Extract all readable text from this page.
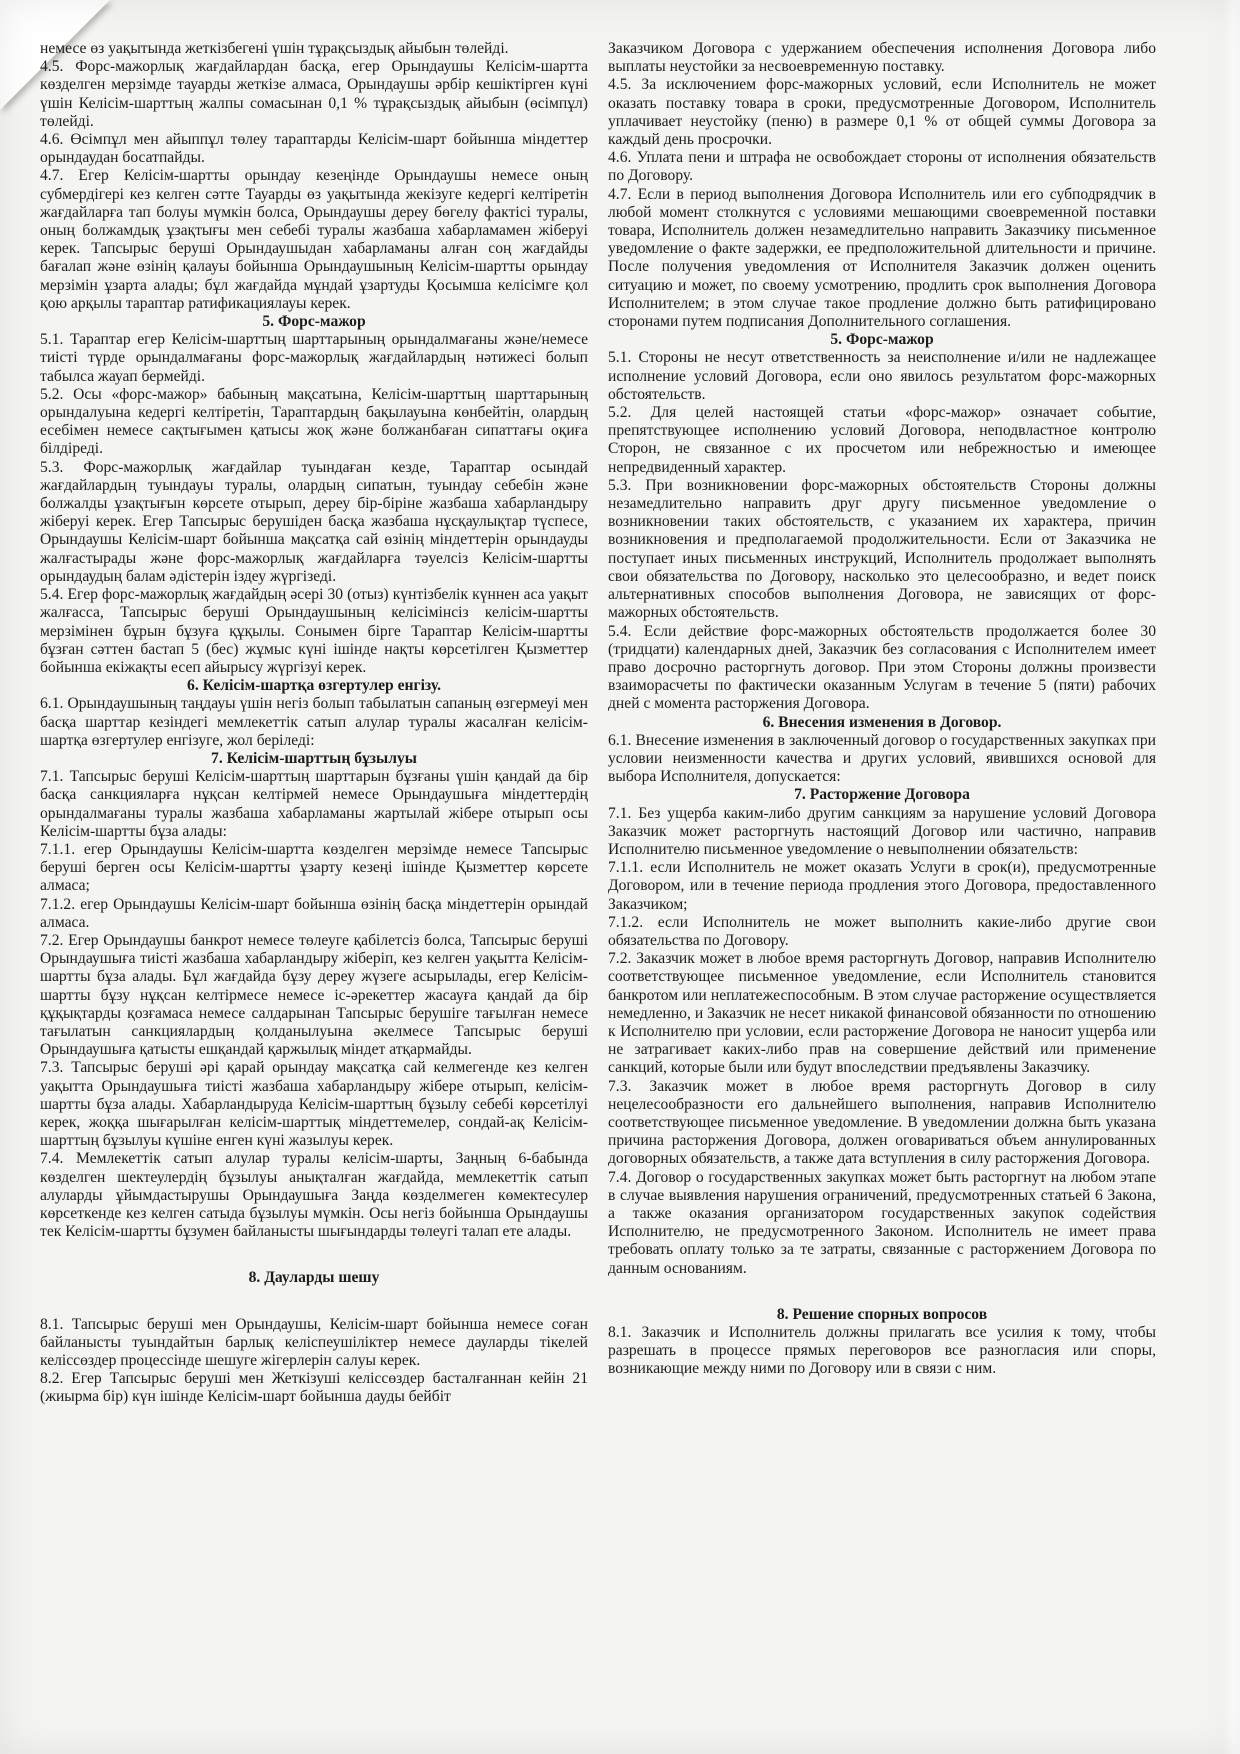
немесе өз уақытында жеткізбегені үшін тұрақсыздық айыбын төлейді.

4.5. Форс-мажорлық жағдайлардан басқа, егер Орындаушы Келісім-шартта көзделген мерзімде тауарды жеткізе алмаса, Орындаушы әрбір кешіктірген күні үшін Келісім-шарттың жалпы сомасынан 0,1 % тұрақсыздық айыбын (өсімпұл) төлейді.

4.6. Өсімпұл мен айыппұл төлеу тараптарды Келісім-шарт бойынша міндеттер орындаудан босатпайды.

4.7. Егер Келісім-шартты орындау кезеңінде Орындаушы немесе оның субмердігері кез келген сәтте Тауарды өз уақытында жекізуге кедергі келтіретін жағдайларға тап болуы мүмкін болса, Орындаушы дереу бөгелу фактісі туралы, оның болжамдық ұзақтығы мен себебі туралы жазбаша хабарламамен жіберуі керек. Тапсырыс беруші Орындаушыдан хабарламаны алған соң жағдайды бағалап және өзінің қалауы бойынша Орындаушының Келісім-шартты орындау мерзімін ұзарта алады; бұл жағдайда мұндай ұзартуды Қосымша келісімге қол қою арқылы тараптар ратификациялауы керек.

5. Форс-мажор

5.1. Тараптар егер Келісім-шарттың шарттарының орындалмағаны және/немесе тиісті түрде орындалмағаны форс-мажорлық жағдайлардың нәтижесі болып табылса жауап бермейді.

5.2. Осы «форс-мажор» бабының мақсатына, Келісім-шарттың шарттарының орындалуына кедергі келтіретін, Тараптардың бақылауына көнбейтін, олардың есебімен немесе сақтығымен қатысы жоқ және болжанбаған сипаттағы оқиға білдіреді.

5.3. Форс-мажорлық жағдайлар туындаған кезде, Тараптар осындай жағдайлардың туындауы туралы, олардың сипатын, туындау себебін және болжалды ұзақтығын көрсете отырып, дереу бір-біріне жазбаша хабарландыру жіберуі керек. Егер Тапсырыс берушіден басқа жазбаша нұсқаулықтар түспесе, Орындаушы Келісім-шарт бойынша мақсатқа сай өзінің міндеттерін орындауды жалғастырады және форс-мажорлық жағдайларға тәуелсіз Келісім-шартты орындаудың балам әдістерін іздеу жүргізеді.

5.4. Егер форс-мажорлық жағдайдың әсері 30 (отыз) күнтізбелік күннен аса уақыт жалғасса, Тапсырыс беруші Орындаушының келісімінсіз келісім-шартты мерзімінен бұрын бұзуға құқылы. Сонымен бірге Тараптар Келісім-шартты бұзған сәттен бастап 5 (бес) жұмыс күні ішінде нақты көрсетілген Қызметтер бойынша екіжақты есеп айырысу жүргізуі керек.

6. Келісім-шартқа өзгертулер енгізу.

6.1. Орындаушының таңдауы үшін негіз болып табылатын сапаның өзгермеуі мен басқа шарттар кезіндегі мемлекеттік сатып алулар туралы жасалған келісім-шартқа өзгертулер енгізуге, жол беріледі:

7. Келісім-шарттың бұзылуы

7.1. Тапсырыс беруші Келісім-шарттың шарттарын бұзғаны үшін қандай да бір басқа санкцияларға нұқсан келтірмей немесе Орындаушыға міндеттердің орындалмағаны туралы жазбаша хабарламаны жартылай жібере отырып осы Келісім-шартты бұза алады:

7.1.1. егер Орындаушы Келісім-шартта көзделген мерзімде немесе Тапсырыс беруші берген осы Келісім-шартты ұзарту кезеңі ішінде Қызметтер көрсете алмаса;

7.1.2. егер Орындаушы Келісім-шарт бойынша өзінің басқа міндеттерін орындай алмаса.

7.2. Егер Орындаушы банкрот немесе төлеуге қабілетсіз болса, Тапсырыс беруші Орындаушыға тиісті жазбаша хабарландыру жіберіп, кез келген уақытта Келісім-шартты бұза алады. Бұл жағдайда бұзу дереу жүзеге асырылады, егер Келісім-шартты бұзу нұқсан келтірмесе немесе іс-әрекеттер жасауға қандай да бір құқықтарды қозғамаса немесе салдарынан Тапсырыс берушіге тағылған немесе тағылатын санкциялардың қолданылуына әкелмесе Тапсырыс беруші Орындаушыға қатысты ешқандай қаржылық міндет атқармайды.

7.3. Тапсырыс беруші әрі қарай орындау мақсатқа сай келмегенде кез келген уақытта Орындаушыға тиісті жазбаша хабарландыру жібере отырып, келісім-шартты бұза алады. Хабарландыруда Келісім-шарттың бұзылу себебі көрсетілуі керек, жоққа шығарылған келісім-шарттық міндеттемелер, сондай-ақ Келісім-шарттың бұзылуы күшіне енген күні жазылуы керек.

7.4. Мемлекеттік сатып алулар туралы келісім-шарты, Заңның 6-бабында көзделген шектеулердің бұзылуы анықталған жағдайда, мемлекеттік сатып алуларды ұйымдастырушы Орындаушыға Заңда көзделмеген көмектесулер көрсеткенде кез келген сатыда бұзылуы мүмкін. Осы негіз бойынша Орындаушы тек Келісім-шартты бұзумен байланысты шығындарды төлеугі талап ете алады.

8. Дауларды шешу

8.1. Тапсырыс беруші мен Орындаушы, Келісім-шарт бойынша немесе соған байланысты туындайтын барлық келіспеушіліктер немесе дауларды тікелей келіссөздер процессінде шешуге жігерлерін салуы керек.

8.2. Егер Тапсырыс беруші мен Жеткізуші келіссөздер басталғаннан кейін 21 (жиырма бір) күн ішінде Келісім-шарт бойынша дауды бейбіт

Заказчиком Договора с удержанием обеспечения исполнения Договора либо выплаты неустойки за несвоевременную поставку.

4.5. За исключением форс-мажорных условий, если Исполнитель не может оказать поставку товара в сроки, предусмотренные Договором, Исполнитель уплачивает неустойку (пеню) в размере 0,1 % от общей суммы Договора за каждый день просрочки.

4.6. Уплата пени и штрафа не освобождает стороны от исполнения обязательств по Договору.

4.7. Если в период выполнения Договора Исполнитель или его субподрядчик в любой момент столкнутся с условиями мешающими своевременной поставки товара, Исполнитель должен незамедлительно направить Заказчику письменное уведомление о факте задержки, ее предположительной длительности и причине. После получения уведомления от Исполнителя Заказчик должен оценить ситуацию и может, по своему усмотрению, продлить срок выполнения Договора Исполнителем; в этом случае такое продление должно быть ратифицировано сторонами путем подписания Дополнительного соглашения.

5. Форс-мажор

5.1. Стороны не несут ответственность за неисполнение и/или не надлежащее исполнение условий Договора, если оно явилось результатом форс-мажорных обстоятельств.

5.2. Для целей настоящей статьи «форс-мажор» означает событие, препятствующее исполнению условий Договора, неподвластное контролю Сторон, не связанное с их просчетом или небрежностью и имеющее непредвиденный характер.

5.3. При возникновении форс-мажорных обстоятельств Стороны должны незамедлительно направить друг другу письменное уведомление о возникновении таких обстоятельств, с указанием их характера, причин возникновения и предполагаемой продолжительности. Если от Заказчика не поступает иных письменных инструкций, Исполнитель продолжает выполнять свои обязательства по Договору, насколько это целесообразно, и ведет поиск альтернативных способов выполнения Договора, не зависящих от форс-мажорных обстоятельств.

5.4. Если действие форс-мажорных обстоятельств продолжается более 30 (тридцати) календарных дней, Заказчик без согласования с Исполнителем имеет право досрочно расторгнуть договор. При этом Стороны должны произвести взаиморасчеты по фактически оказанным Услугам в течение 5 (пяти) рабочих дней с момента расторжения Договора.

6. Внесения изменения в Договор.

6.1. Внесение изменения в заключенный договор о государственных закупках при условии неизменности качества и других условий, явившихся основой для выбора Исполнителя, допускается:

7. Расторжение Договора

7.1. Без ущерба каким-либо другим санкциям за нарушение условий Договора Заказчик может расторгнуть настоящий Договор или частично, направив Исполнителю письменное уведомление о невыполнении обязательств:

7.1.1. если Исполнитель не может оказать Услуги в срок(и), предусмотренные Договором, или в течение периода продления этого Договора, предоставленного Заказчиком;

7.1.2. если Исполнитель не может выполнить какие-либо другие свои обязательства по Договору.

7.2. Заказчик может в любое время расторгнуть Договор, направив Исполнителю соответствующее письменное уведомление, если Исполнитель становится банкротом или неплатежеспособным. В этом случае расторжение осуществляется немедленно, и Заказчик не несет никакой финансовой обязанности по отношению к Исполнителю при условии, если расторжение Договора не наносит ущерба или не затрагивает каких-либо прав на совершение действий или применение санкций, которые были или будут впоследствии предъявлены Заказчику.

7.3. Заказчик может в любое время расторгнуть Договор в силу нецелесообразности его дальнейшего выполнения, направив Исполнителю соответствующее письменное уведомление. В уведомлении должна быть указана причина расторжения Договора, должен оговариваться объем аннулированных договорных обязательств, а также дата вступления в силу расторжения Договора.

7.4. Договор о государственных закупках может быть расторгнут на любом этапе в случае выявления нарушения ограничений, предусмотренных статьей 6 Закона, а также оказания организатором государственных закупок содействия Исполнителю, не предусмотренного Законом. Исполнитель не имеет права требовать оплату только за те затраты, связанные с расторжением Договора по данным основаниям.

8. Решение спорных вопросов

8.1. Заказчик и Исполнитель должны прилагать все усилия к тому, чтобы разрешать в процессе прямых переговоров все разногласия или споры, возникающие между ними по Договору или в связи с ним.
